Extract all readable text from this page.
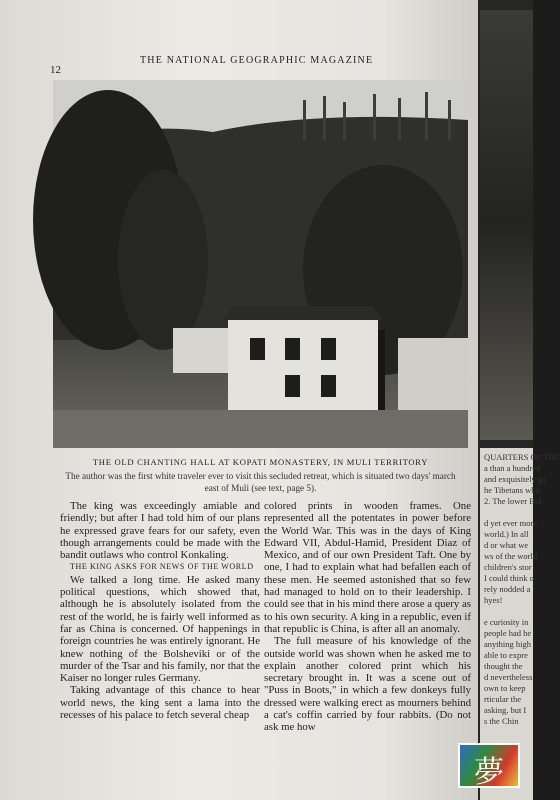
12
THE NATIONAL GEOGRAPHIC MAGAZINE
THE OLD CHANTING HALL AT KOPATI MONASTERY, IN MULI TERRITORY
The author was the first white traveler ever to visit this secluded retreat, which is situated two days' march east of Muli (see text, page 5).

The king was exceedingly amiable and friendly; but after I had told him of our plans he expressed grave fears for our safety, even though arrangements could be made with the bandit outlaws who control Konkaling.

THE KING ASKS FOR NEWS OF THE WORLD

We talked a long time. He asked many political questions, which showed that, although he is absolutely isolated from the rest of the world, he is fairly well informed as far as China is concerned. Of happenings in foreign countries he was entirely ignorant. He knew nothing of the Bolsheviki or of the murder of the Tsar and his family, nor that the Kaiser no longer rules Germany.

Taking advantage of this chance to hear world news, the king sent a lama into the recesses of his palace to fetch several cheap

colored prints in wooden frames. One represented all the potentates in power before the World War. This was in the days of King Edward VII, Abdul-Hamid, President Diaz of Mexico, and of our own President Taft. One by one, I had to explain what had befallen each of these men. He seemed astonished that so few had managed to hold on to their leadership. I could see that in his mind there arose a query as to his own security. A king in a republic, even if that republic is China, is after all an anomaly.

The full measure of his knowledge of the outside world was shown when he asked me to explain another colored print which his secretary brought in. It was a scene out of "Puss in Boots," in which a few donkeys fully dressed were walking erect as mourners behind a cat's coffin carried by four rabbits. (Do not ask me how

QUARTERS OF THE
a than a hundred
and exquisitely ga
he Tibetans who
2. The lower Bid

d yet ever more
world.) In all
d or what we
ws of the world
children's stor
I could think o
rely nodded a
hyes!

e curiosity in
people had he
anything high
able to expre
thought the
d nevertheless
own to keep
rticular the
asking, but I
s the Chin
夢
